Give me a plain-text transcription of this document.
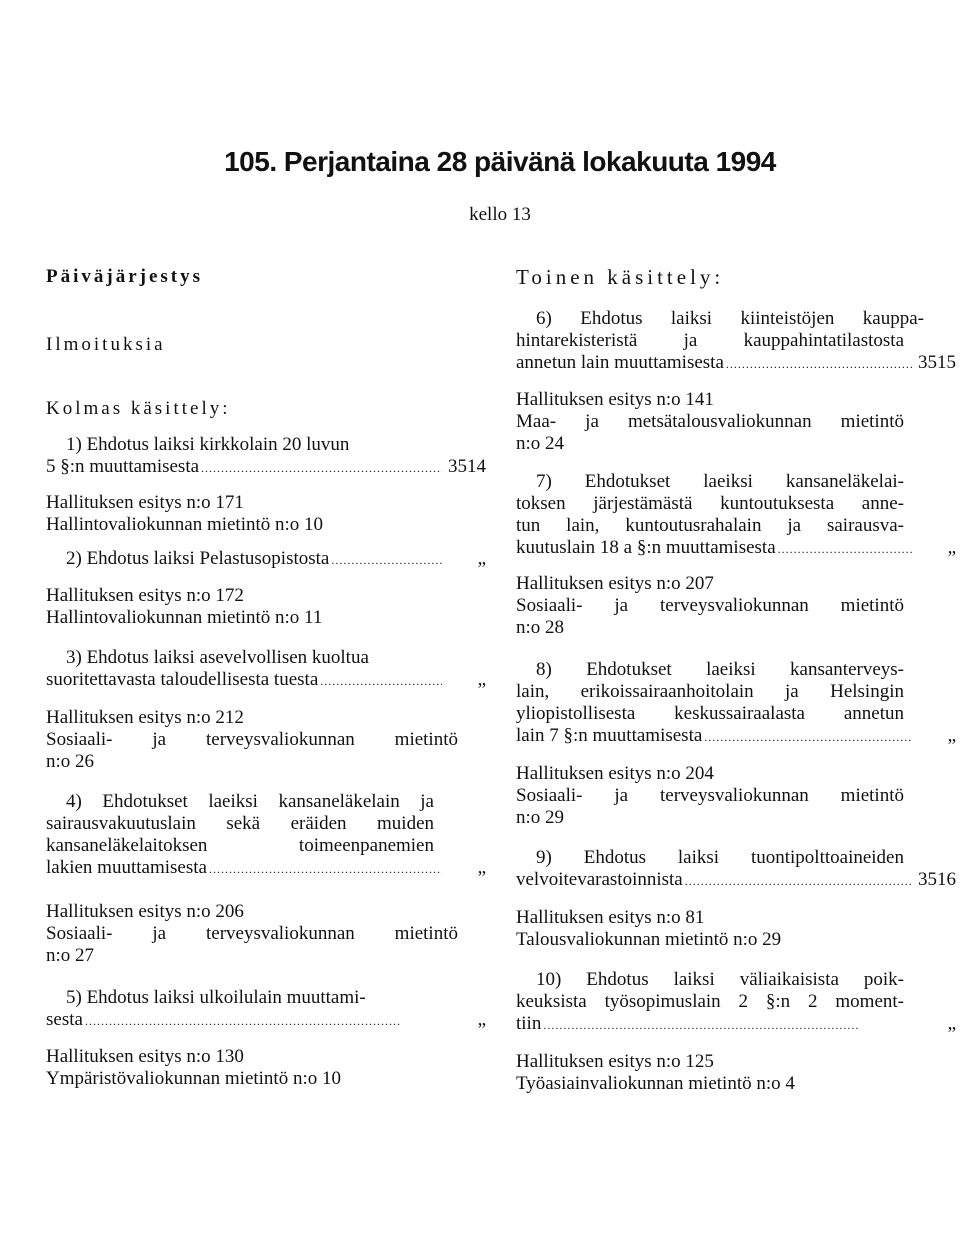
105. Perjantaina 28 päivänä lokakuuta 1994
kello 13

Päiväjärjestys

Ilmoituksia

Kolmas käsittely:

1) Ehdotus laiksi kirkkolain 20 luvun
5 §:n muuttamisesta . . .	3514
Hallituksen esitys n:o 171
Hallintovaliokunnan mietintö n:o 10
2) Ehdotus laiksi Pelastusopistosta . . .	„
Hallituksen esitys n:o 172
Hallintovaliokunnan mietintö n:o 11
3) Ehdotus laiksi asevelvollisen kuoltua
suoritettavasta taloudellisesta tuesta . . .	„
Hallituksen esitys n:o 212
Sosiaali- ja terveysvaliokunnan mietintö
n:o 26
4) Ehdotukset laeiksi kansaneläkelain ja
sairausvakuutuslain sekä eräiden muiden
kansaneläkelaitoksen toimeenpanemien
lakien muuttamisesta . . .	„
Hallituksen esitys n:o 206
Sosiaali- ja terveysvaliokunnan mietintö
n:o 27
5) Ehdotus laiksi ulkoilulain muuttami-
sesta . . .	„
Hallituksen esitys n:o 130
Ympäristövaliokunnan mietintö n:o 10

Toinen käsittely:

6) Ehdotus laiksi kiinteistöjen kauppa-
hintarekisteristä ja kauppahintatilastosta
annetun lain muuttamisesta . . .	3515
Hallituksen esitys n:o 141
Maa- ja metsätalousvaliokunnan mietintö
n:o 24
7) Ehdotukset laeiksi kansaneläkelai-
toksen järjestämästä kuntoutuksesta anne-
tun lain, kuntoutusrahalain ja sairausva-
kuutuslain 18 a §:n muuttamisesta . . .	„
Hallituksen esitys n:o 207
Sosiaali- ja terveysvaliokunnan mietintö
n:o 28
8) Ehdotukset laeiksi kansanterveys-
lain, erikoissairaanhoitolain ja Helsingin
yliopistollisesta keskussairaalasta annetun
lain 7 §:n muuttamisesta . . .	„
Hallituksen esitys n:o 204
Sosiaali- ja terveysvaliokunnan mietintö
n:o 29
9) Ehdotus laiksi tuontipolttoaineiden
velvoitevarastoinnista . . .	3516
Hallituksen esitys n:o 81
Talousvaliokunnan mietintö n:o 29
10) Ehdotus laiksi väliaikaisista poik-
keuksista työsopimuslain 2 §:n 2 moment-
tiin . . .	„
Hallituksen esitys n:o 125
Työasiainvaliokunnan mietintö n:o 4
